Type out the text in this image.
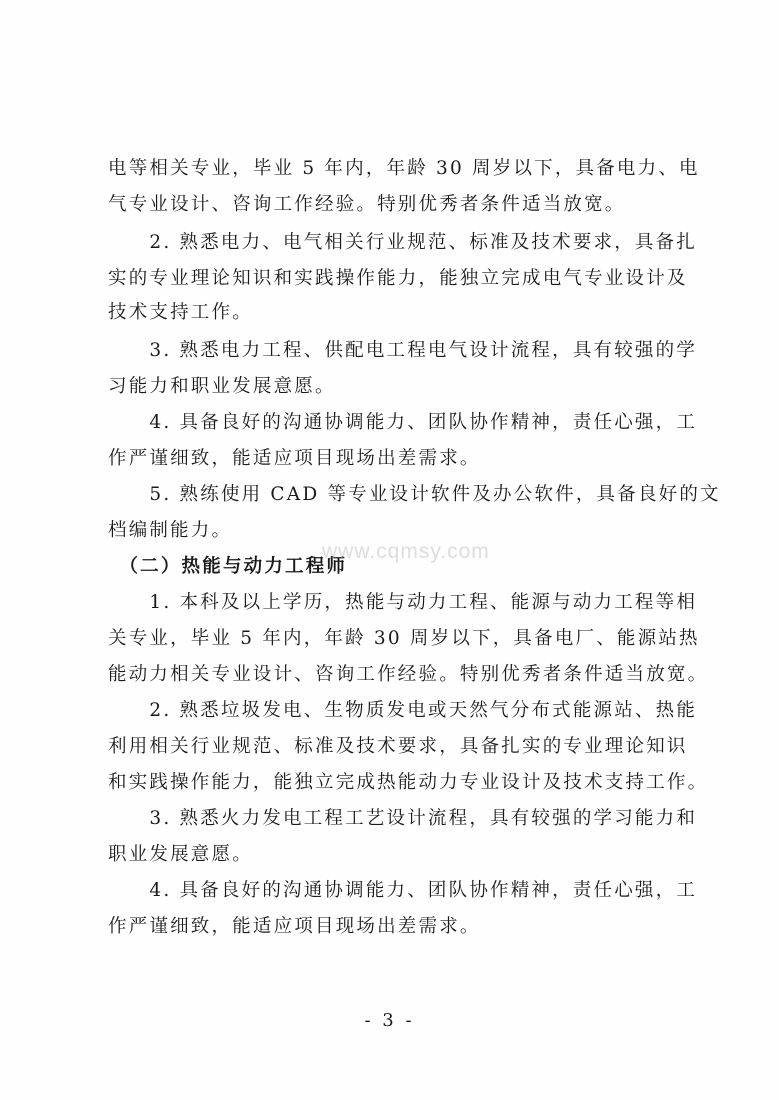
电等相关专业，毕业 5 年内，年龄 30 周岁以下，具备电力、电
气专业设计、咨询工作经验。特别优秀者条件适当放宽。
　　2. 熟悉电力、电气相关行业规范、标准及技术要求，具备扎
实的专业理论知识和实践操作能力，能独立完成电气专业设计及
技术支持工作。
　　3. 熟悉电力工程、供配电工程电气设计流程，具有较强的学
习能力和职业发展意愿。
　　4. 具备良好的沟通协调能力、团队协作精神，责任心强，工
作严谨细致，能适应项目现场出差需求。
　　5. 熟练使用 CAD 等专业设计软件及办公软件，具备良好的文
档编制能力。
　（二）热能与动力工程师
　　1. 本科及以上学历，热能与动力工程、能源与动力工程等相
关专业，毕业 5 年内，年龄 30 周岁以下，具备电厂、能源站热
能动力相关专业设计、咨询工作经验。特别优秀者条件适当放宽。
　　2. 熟悉垃圾发电、生物质发电或天然气分布式能源站、热能
利用相关行业规范、标准及技术要求，具备扎实的专业理论知识
和实践操作能力，能独立完成热能动力专业设计及技术支持工作。
　　3. 熟悉火力发电工程工艺设计流程，具有较强的学习能力和
职业发展意愿。
　　4. 具备良好的沟通协调能力、团队协作精神，责任心强，工
作严谨细致，能适应项目现场出差需求。
www.cqmsy.com
- 3 -
